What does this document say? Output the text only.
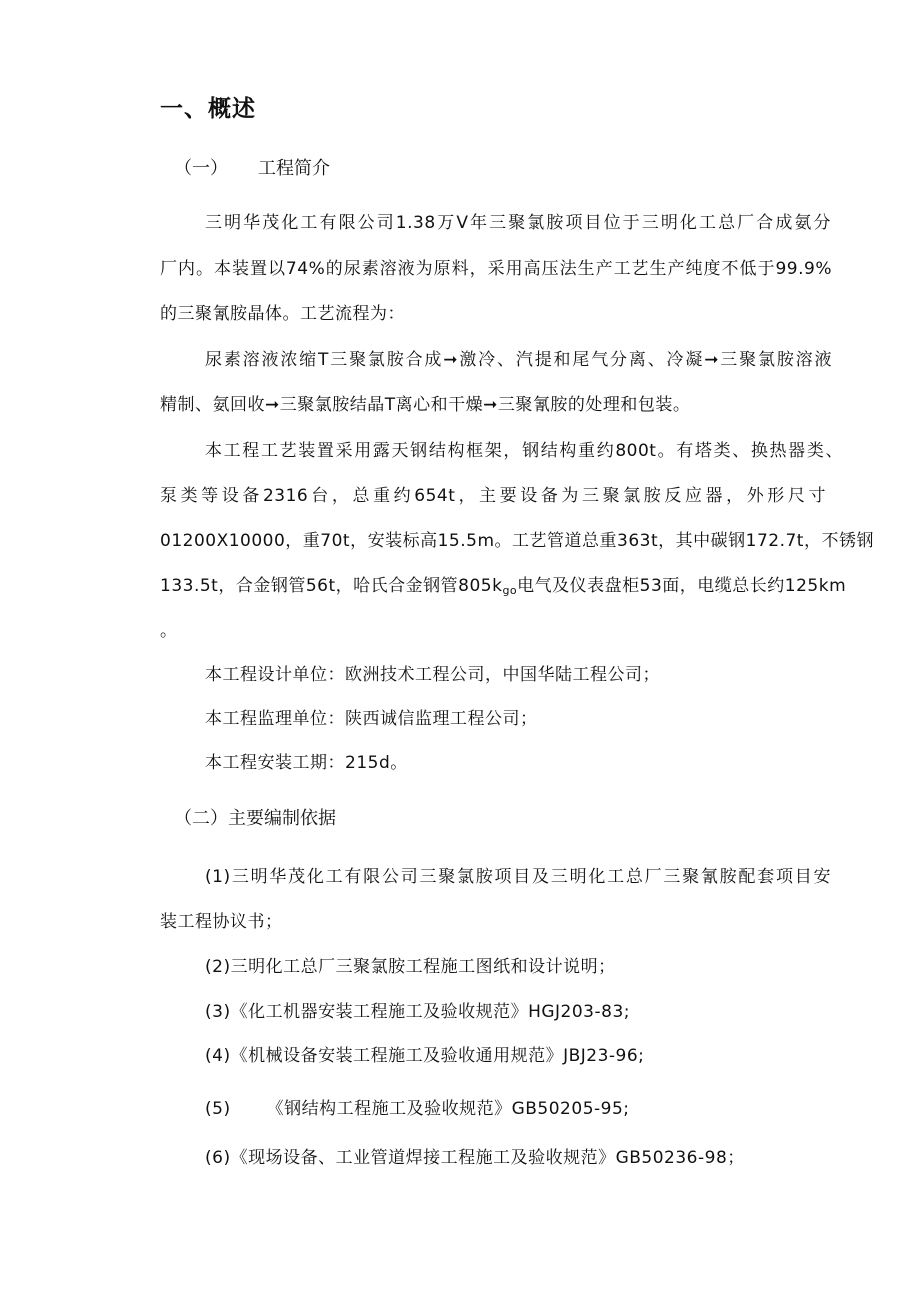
一、概述
（一） 工程简介
三明华茂化工有限公司1.38万V年三聚氯胺项目位于三明化工总厂合成氨分
厂内。本装置以74%的尿素溶液为原料，采用高压法生产工艺生产纯度不低于99.9%
的三聚氰胺晶体。工艺流程为：
尿素溶液浓缩T三聚氯胺合成➞激冷、汽提和尾气分离、冷凝➞三聚氯胺溶液
精制、氨回收➞三聚氯胺结晶T离心和干燥➞三聚氰胺的处理和包装。
本工程工艺装置采用露天钢结构框架，钢结构重约800t。有塔类、换热器类、
泵类等设备2316台，总重约654t，主要设备为三聚氯胺反应器，外形尺寸
01200X10000，重70t，安装标高15.5m。工艺管道总重363t，其中碳钢172.7t，不锈钢
133.5t，合金钢管56t，哈氏合金钢管$805k_{go}$ 电气及仪表盘柜53面，电缆总长约125km
。
本工程设计单位：欧洲技术工程公司，中国华陆工程公司；
本工程监理单位：陕西诚信监理工程公司；
本工程安装工期：215d。
（二）主要编制依据
(1)三明华茂化工有限公司三聚氯胺项目及三明化工总厂三聚氰胺配套项目安
装工程协议书；
(2)三明化工总厂三聚氯胺工程施工图纸和设计说明；
(3)《化工机器安装工程施工及验收规范》HGJ203-83;
(4)《机械设备安装工程施工及验收通用规范》JBJ23-96;
(5) 《钢结构工程施工及验收规范》GB50205-95;
(6)《现场设备、工业管道焊接工程施工及验收规范》GB50236-98；
